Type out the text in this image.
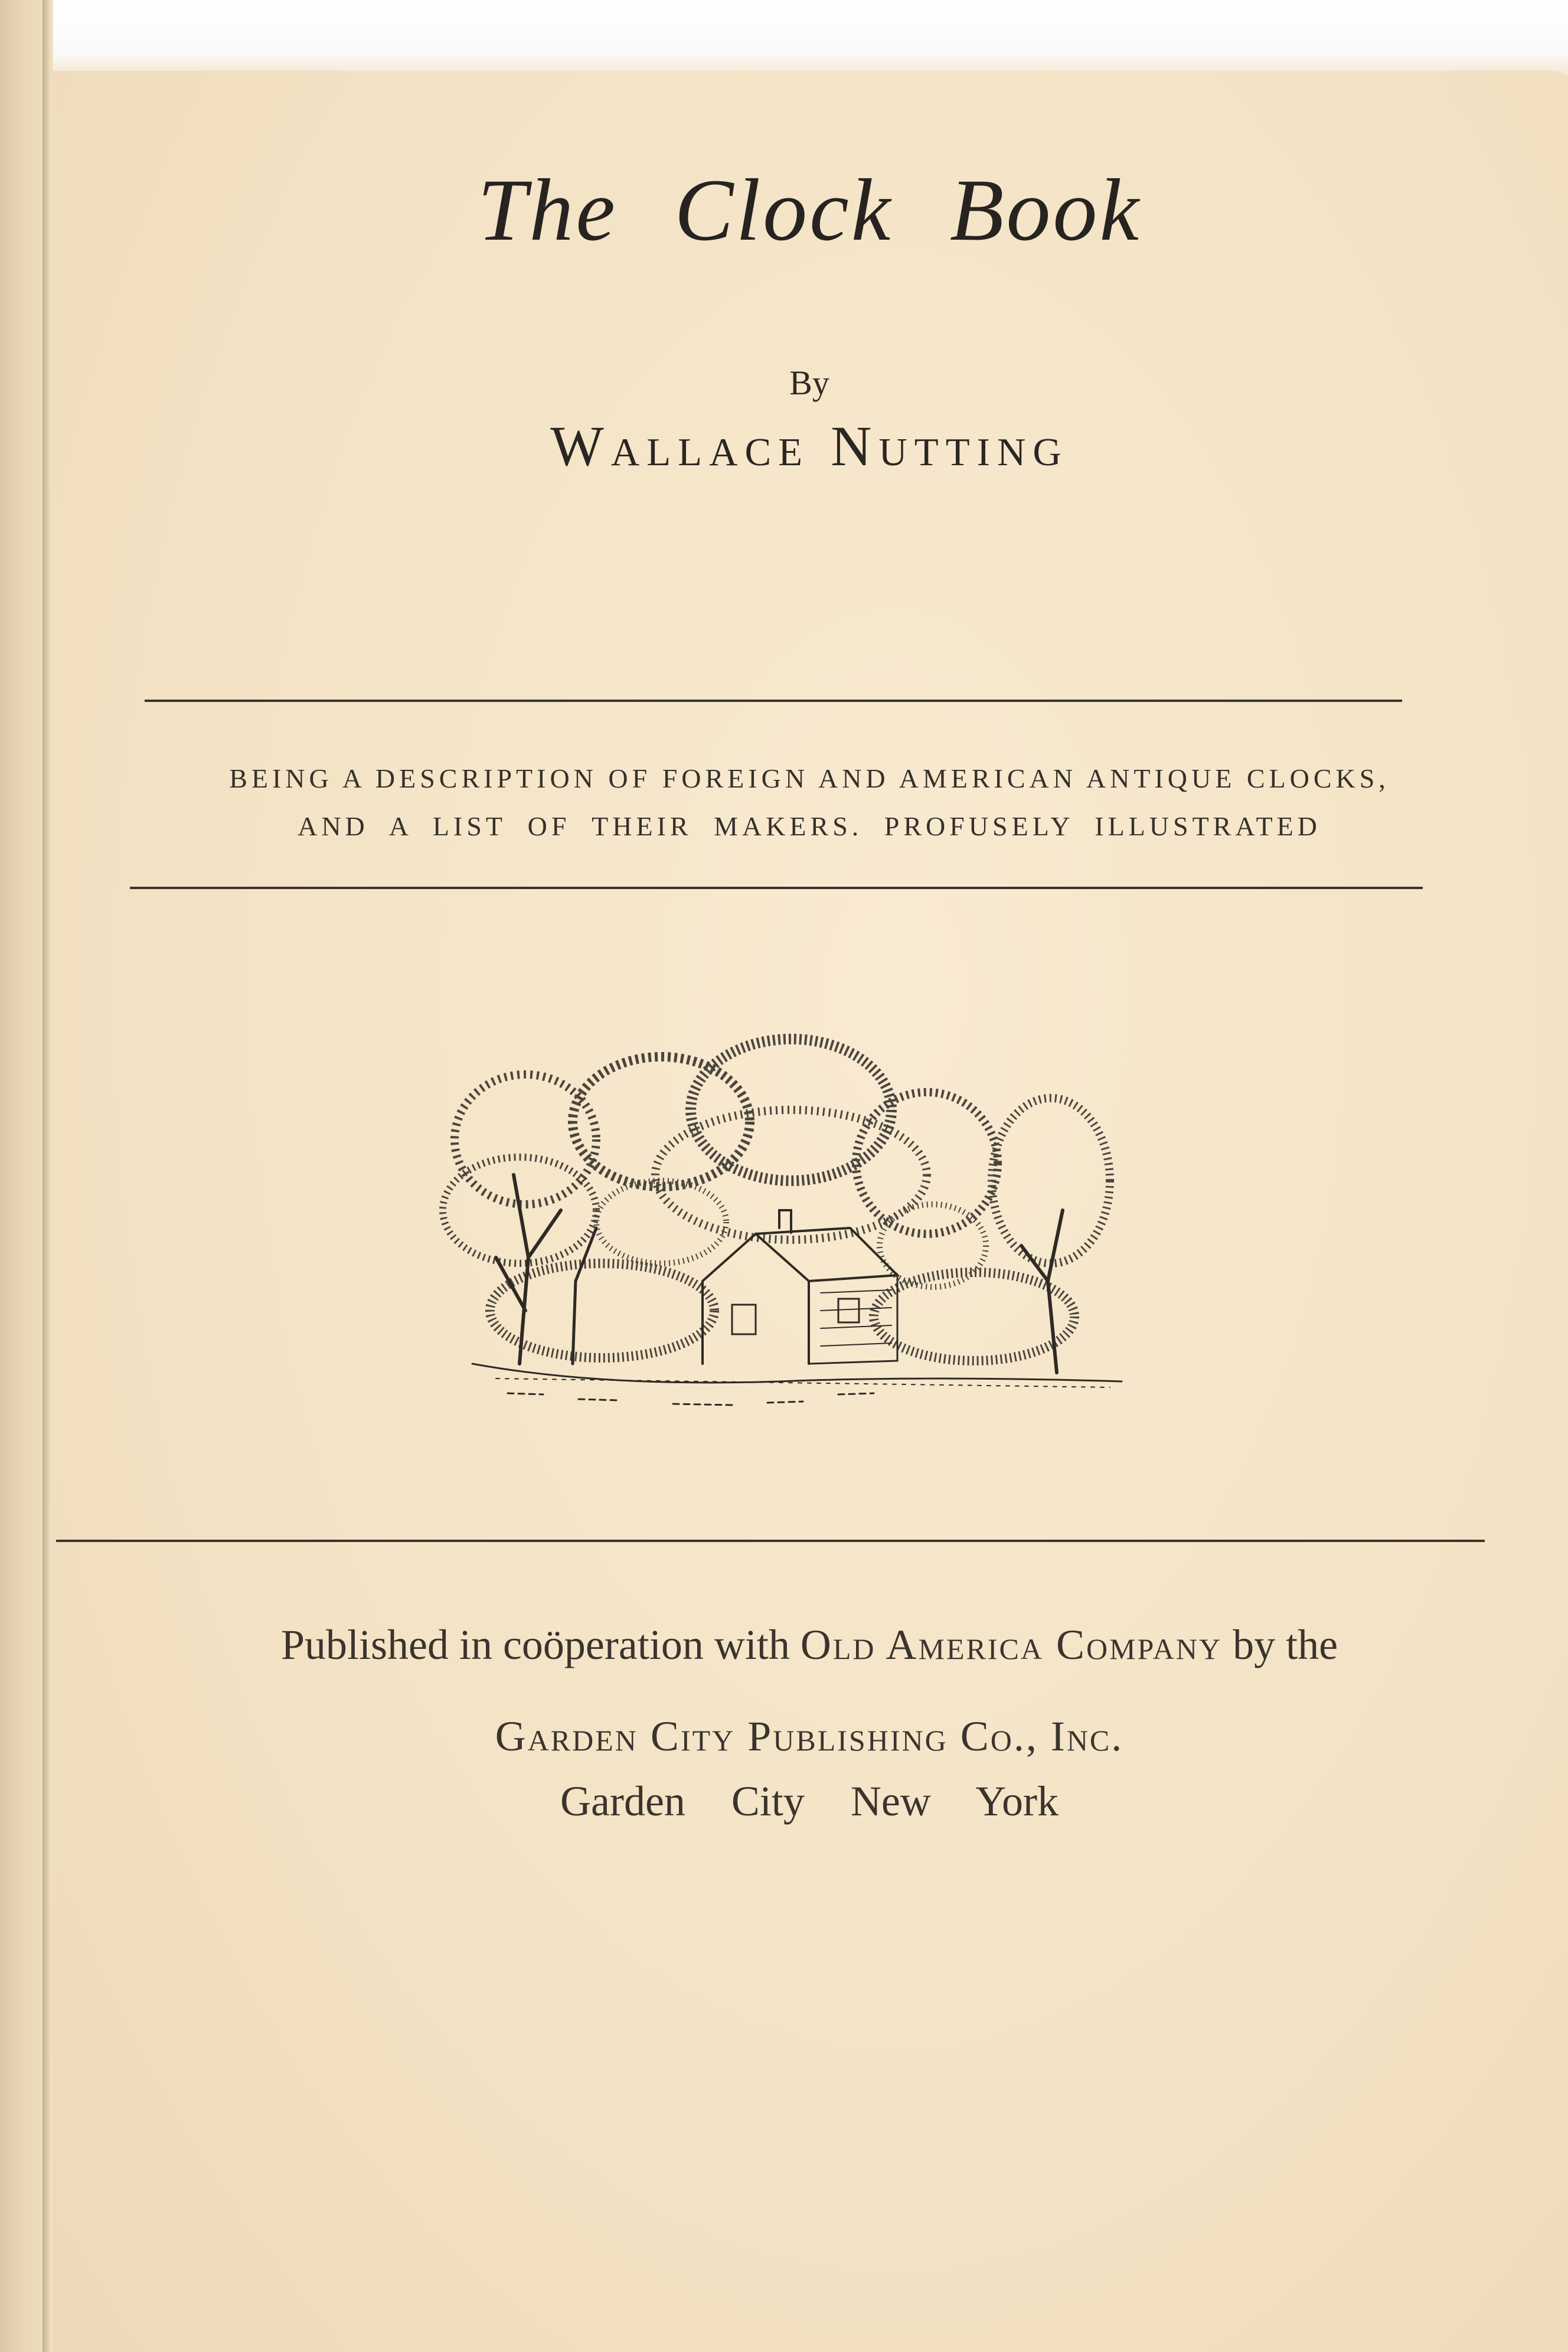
The Clock Book
By
Wallace Nutting
BEING A DESCRIPTION OF FOREIGN AND AMERICAN ANTIQUE CLOCKS,
AND A LIST OF THEIR MAKERS. PROFUSELY ILLUSTRATED
Published in coöperation with Old America Company by the
Garden City Publishing Co., Inc.
Garden City New York
